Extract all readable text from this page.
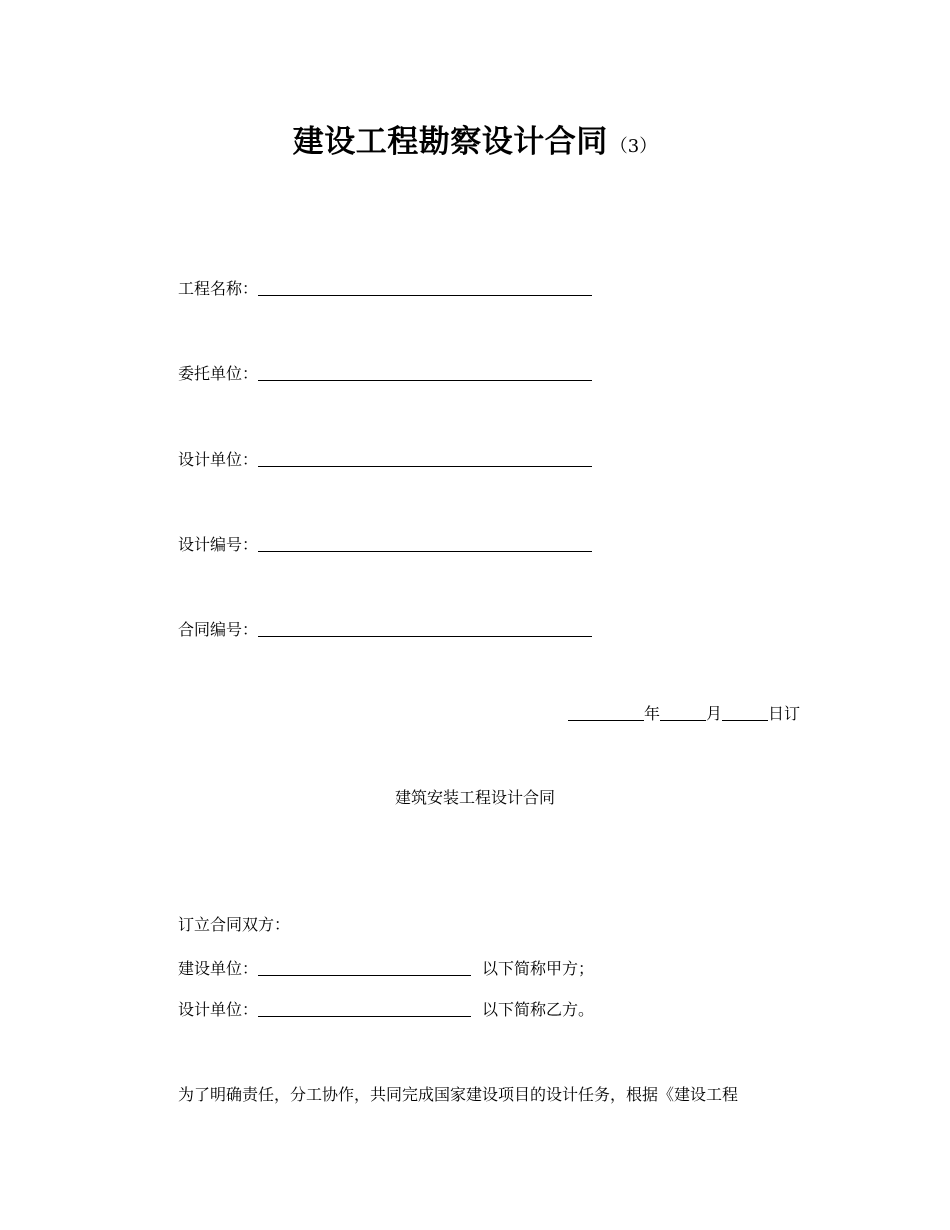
建设工程勘察设计合同 （3）
工程名称：
委托单位：
设计单位：
设计编号：
合同编号：
年	月	日订
建筑安装工程设计合同
订立合同双方：
建设单位：	以下简称甲方；
设计单位：	以下简称乙方。
为了明确责任，分工协作，共同完成国家建设项目的设计任务，根据《建设工程
